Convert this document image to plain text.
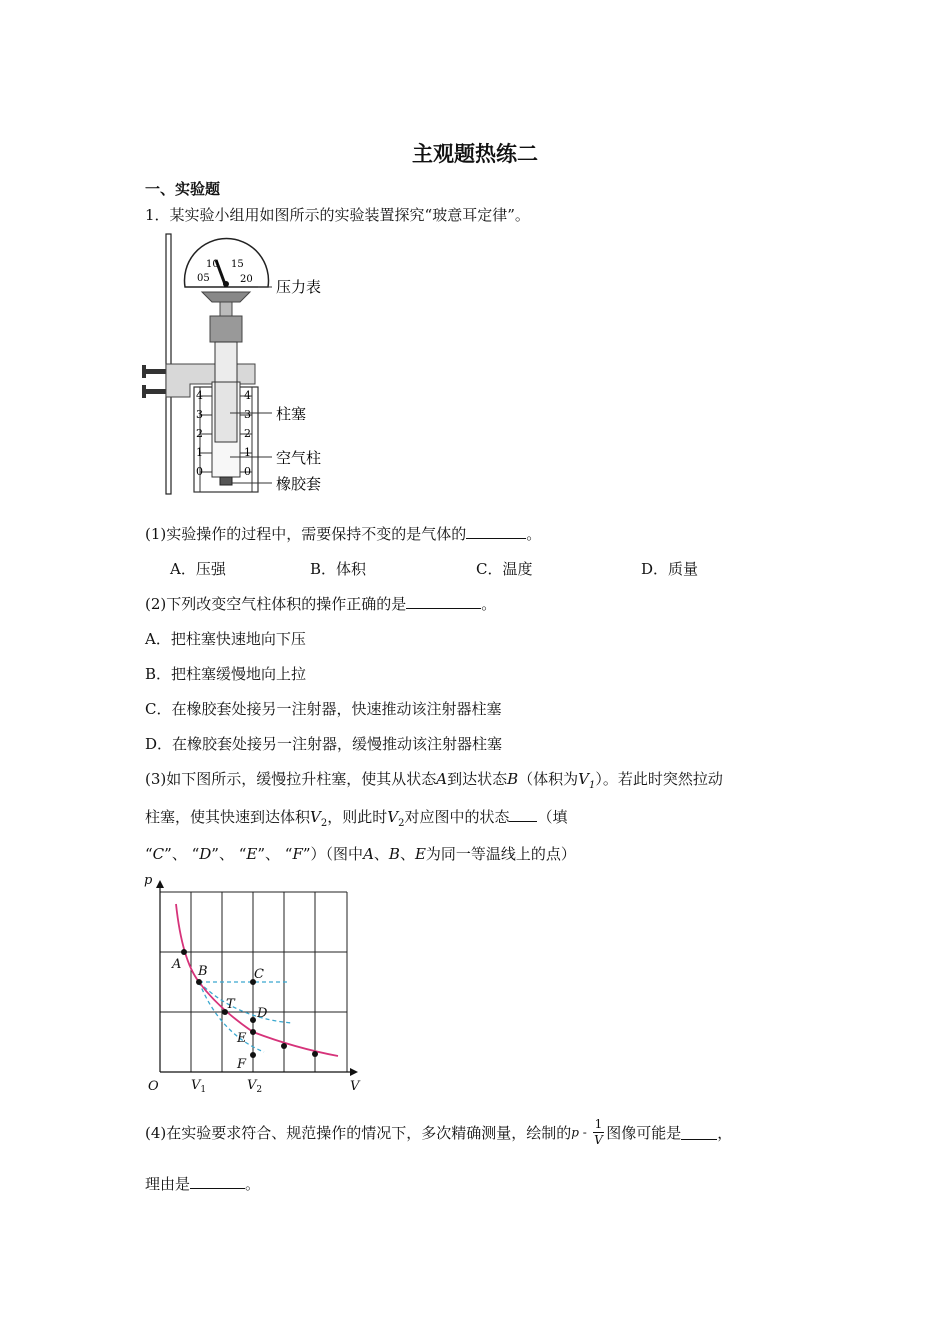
主观题热练二
一、实验题
1．某实验小组用如图所示的实验装置探究“玻意耳定律”。
05
10 15
20
4
3
2
1
0
4
3
2
1
0
压力表
柱塞
空气柱
橡胶套
(1)实验操作的过程中，需要保持不变的是气体的	。
A．压强	B．体积	C．温度	D．质量
(2)下列改变空气柱体积的操作正确的是	。
A．把柱塞快速地向下压
B．把柱塞缓慢地向上拉
C．在橡胶套处接另一注射器，快速推动该注射器柱塞
D．在橡胶套处接另一注射器，缓慢推动该注射器柱塞
(3)如下图所示，缓慢拉升柱塞，使其从状态A到达状态B（体积为$V_1$）。若此时突然拉动
柱塞，使其快速到达体积$V_2$，则此时$V_2$对应图中的状态 （填
“C”、 “D”、 “E”、 “F”）（图中A、B、E为同一等温线上的点）
p
V
O
A B	C
T
D
E
F
$V_1$	$V_2$
(4)在实验要求符合、规范操作的情况下，多次精确测量，绘制的p - $\frac{1}{V}$ 图像可能是 ，
理由是	。
